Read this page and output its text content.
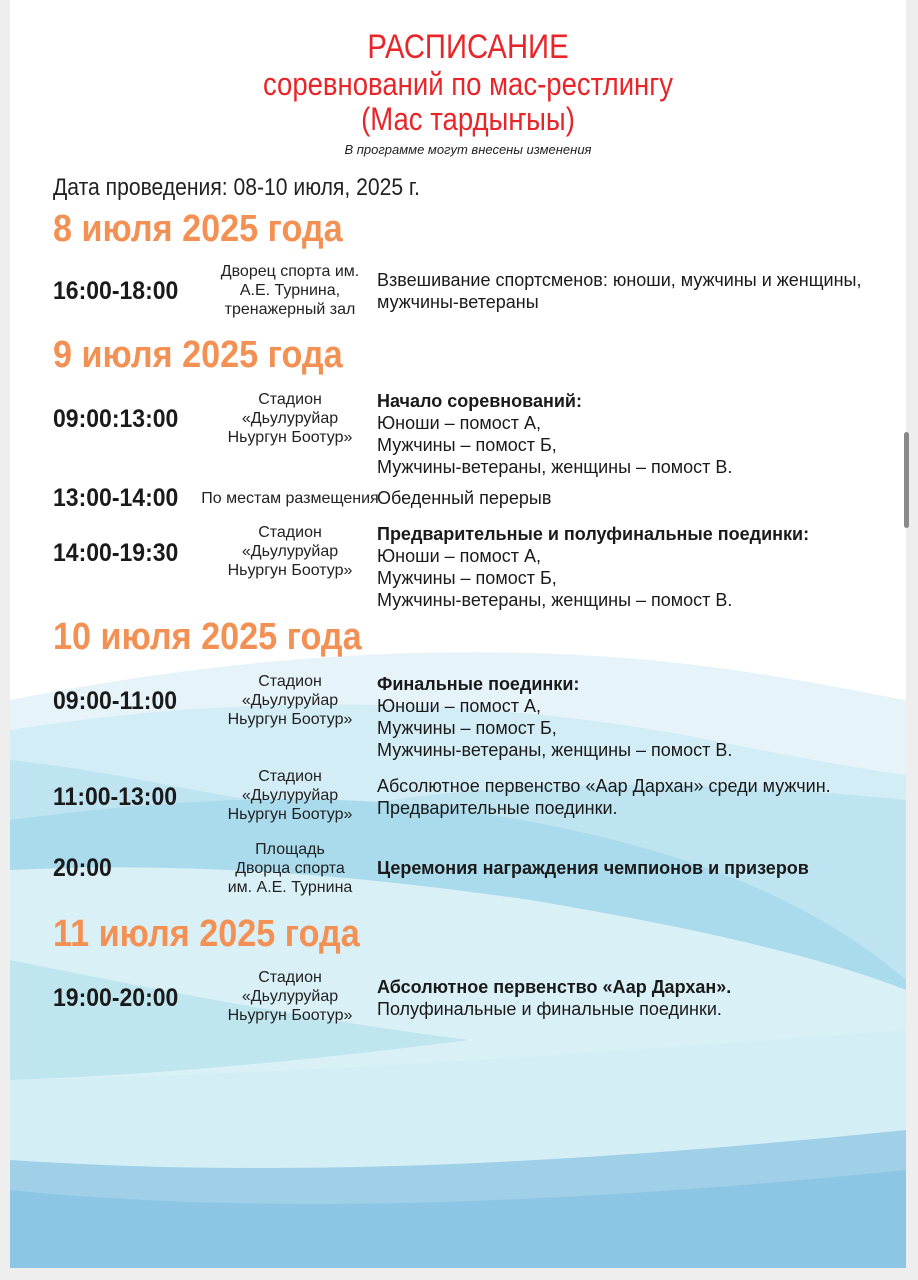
РАСПИСАНИЕ
соревнований по мас-рестлингу
(Мас тардыҥыы)
В программе могут внесены изменения
Дата проведения: 08-10 июля, 2025 г.
8 июля 2025 года
16:00-18:00
Дворец спорта им.
А.Е. Турнина,
тренажерный зал
Взвешивание спортсменов: юноши, мужчины и женщины,
мужчины-ветераны
9 июля 2025 года
09:00:13:00
Стадион
«Дьулуруйар
Ньургун Боотур»
Начало соревнований:
Юноши – помост А,
Мужчины – помост Б,
Мужчины-ветераны, женщины – помост В.
13:00-14:00 По местам размещения
Обеденный перерыв
14:00-19:30
Стадион
«Дьулуруйар
Ньургун Боотур»
Предварительные и полуфинальные поединки:
Юноши – помост А,
Мужчины – помост Б,
Мужчины-ветераны, женщины – помост В.
10 июля 2025 года
09:00-11:00
Стадион
«Дьулуруйар
Ньургун Боотур»
Финальные поединки:
Юноши – помост А,
Мужчины – помост Б,
Мужчины-ветераны, женщины – помост В.
11:00-13:00
Стадион
«Дьулуруйар
Ньургун Боотур»
Абсолютное первенство «Аар Дархан» среди мужчин.
Предварительные поединки.
20:00
Площадь
Дворца спорта
им. А.Е. Турнина
Церемония награждения чемпионов и призеров
11 июля 2025 года
19:00-20:00
Стадион
«Дьулуруйар
Ньургун Боотур»
Абсолютное первенство «Аар Дархан».
Полуфинальные и финальные поединки.
